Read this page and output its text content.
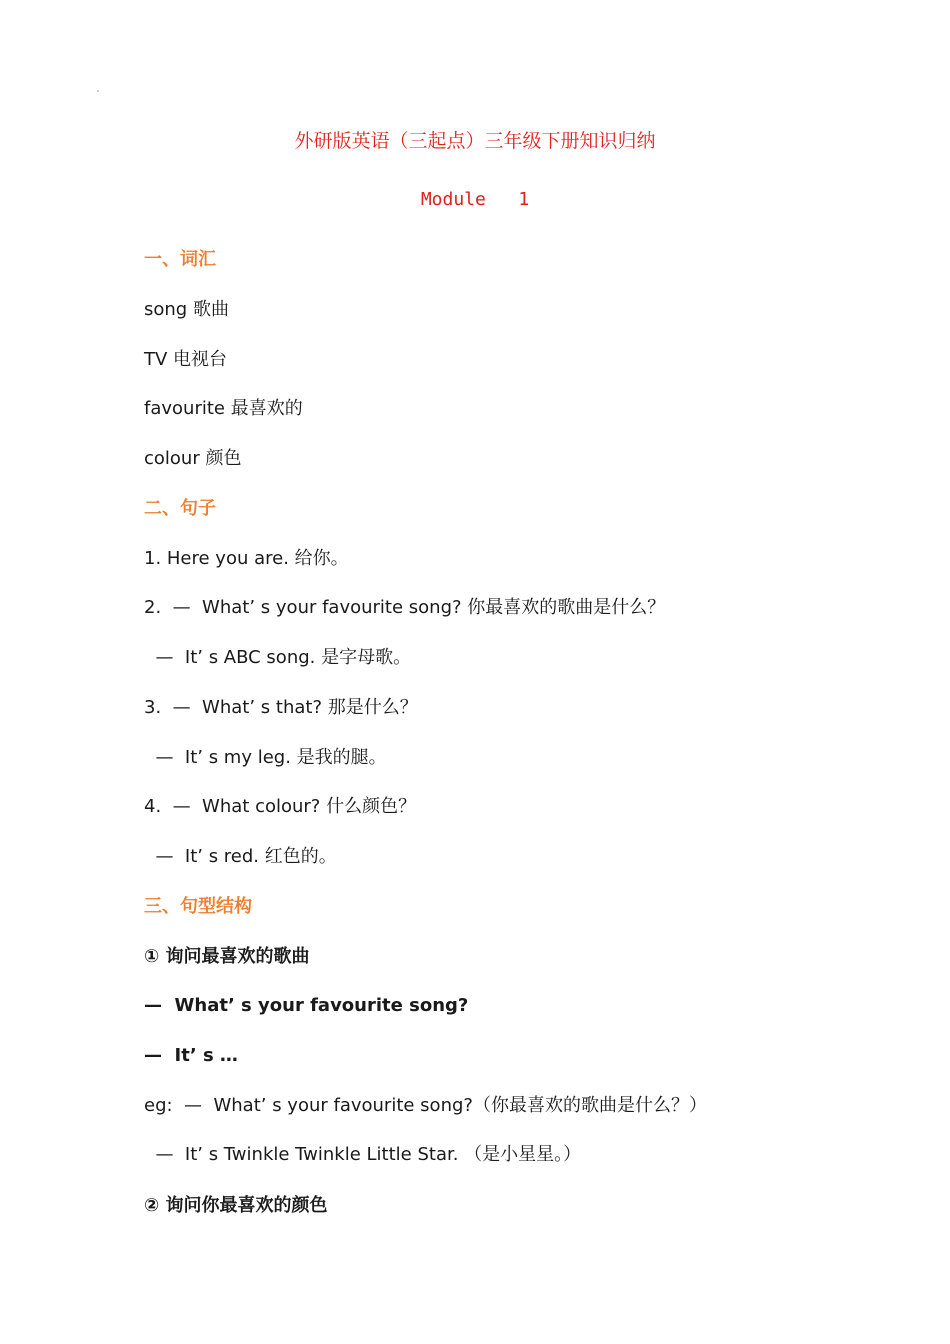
外研版英语（三起点）三年级下册知识归纳
Module   1
一、词汇
song 歌曲
TV 电视台
favourite 最喜欢的
colour 颜色
二、句子
1. Here you are. 给你。
2.  —  What’ s your favourite song? 你最喜欢的歌曲是什么？
—  It’ s ABC song. 是字母歌。
3.  —  What’ s that? 那是什么？
—  It’ s my leg. 是我的腿。
4.  —  What colour? 什么颜色？
—  It’ s red. 红色的。
三、句型结构
① 询问最喜欢的歌曲
—  What’ s your favourite song?
—  It’ s …
eg:  —  What’ s your favourite song?（你最喜欢的歌曲是什么？）
—  It’ s Twinkle Twinkle Little Star. （是小星星。）
② 询问你最喜欢的颜色
